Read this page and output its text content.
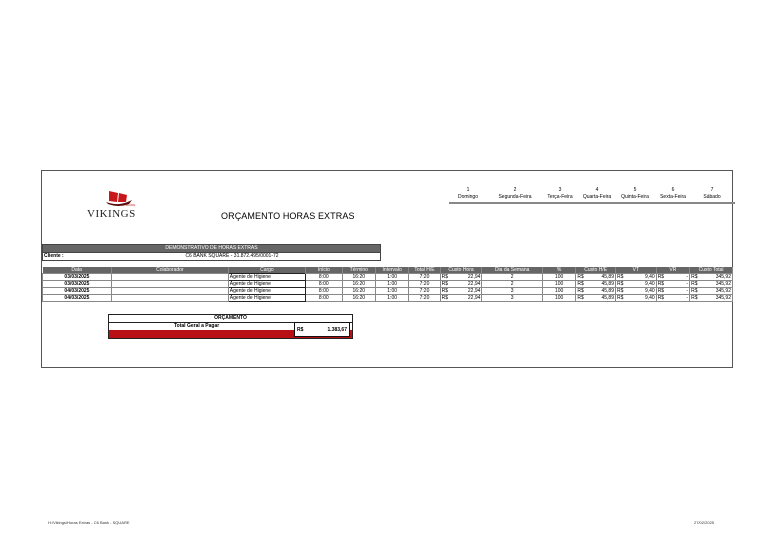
SAÚDE
VIKINGS	ORÇAMENTO HORAS EXTRAS
1
Domingo
2
Segunda-Feira
3
Terça-Feira
4
Quarta-Feira
5
Quinta-Feira
6
Sexta-Feira
7
Sábado
DEMONSTRATIVO DE HORAS EXTRAS
Cliente :	C6 BANK SQUARE - 31.872.495/0001-72
Data	Colaborador	Cargo	Início	Término	Intervalo	Total H/E	Custo Hora	Dia da Semana	%	Custo H/E	VT	VR	Custo Total
03/03/2025		Agente de Higiene	8:00	16:20	1:00	7:20	R$ 22,94	2	100	R$ 45,89	R$ 9,40	R$ -	R$ 345,92

03/03/2025		Agente de Higiene	8:00	16:20	1:00	7:20	R$ 22,94	2	100	R$ 45,89	R$ 9,40	R$ -	R$ 345,92

04/03/2025		Agente de Higiene	8:00	16:20	1:00	7:20	R$ 22,94	3	100	R$ 45,89	R$ 9,40	R$ -	R$ 345,92

04/03/2025		Agente de Higiene	8:00	16:20	1:00	7:20	R$ 22,94	3	100	R$ 45,89	R$ 9,40	R$ -	R$ 345,92
ORÇAMENTO
Total Geral a Pagar
R$	1.383,67
H:\Vikings\Horas Extras - C6 Bank - SQUARE	27/02/2025
